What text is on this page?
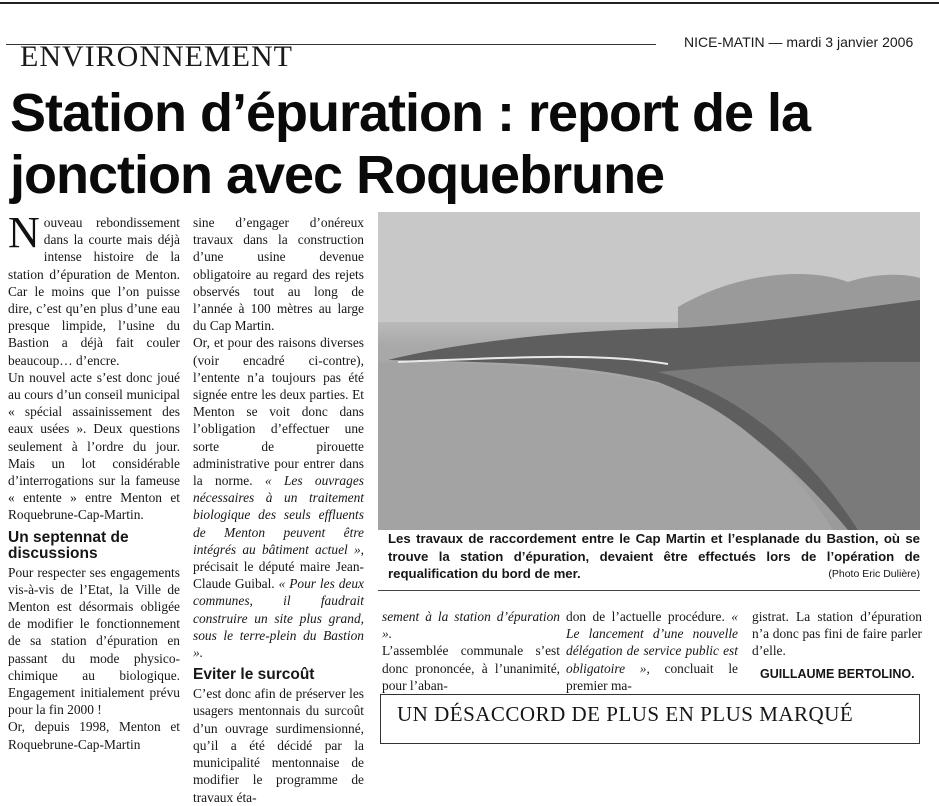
ENVIRONNEMENT	NICE-MATIN — mardi 3 janvier 2006
Station d’épuration : report de la jonction avec Roquebrune

Nouveau rebondissement dans la courte mais déjà intense histoire de la station d’épuration de Menton. Car le moins que l’on puisse dire, c’est qu’en plus d’une eau presque limpide, l’usine du Bastion a déjà fait couler beaucoup… d’encre.

Un nouvel acte s’est donc joué au cours d’un conseil municipal « spécial assainissement des eaux usées ». Deux questions seulement à l’ordre du jour. Mais un lot considérable d’interrogations sur la fameuse « entente » entre Menton et Roquebrune-Cap-Martin.

Un septennat de discussions

Pour respecter ses engagements vis-à-vis de l’Etat, la Ville de Menton est désormais obligée de modifier le fonctionnement de sa station d’épuration en passant du mode physico-chimique au biologique. Engagement initialement prévu pour la fin 2000 !

Or, depuis 1998, Menton et Roquebrune-Cap-Martin

sine d’engager d’onéreux travaux dans la construction d’une usine devenue obligatoire au regard des rejets observés tout au long de l’année à 100 mètres au large du Cap Martin.

Or, et pour des raisons diverses (voir encadré ci-contre), l’entente n’a toujours pas été signée entre les deux parties. Et Menton se voit donc dans l’obligation d’effectuer une sorte de pirouette administrative pour entrer dans la norme. « Les ouvrages nécessaires à un traitement biologique des seuls effluents de Menton peuvent être intégrés au bâtiment actuel », précisait le député maire Jean-Claude Guibal. « Pour les deux communes, il faudrait construire un site plus grand, sous le terre-plein du Bastion ».

Eviter le surcoût

C’est donc afin de préserver les usagers mentonnais du surcoût d’un ouvrage surdimensionné, qu’il a été décidé par la municipalité mentonnaise de modifier le programme de travaux éta-

Les travaux de raccordement entre le Cap Martin et l’esplanade du Bastion, où se trouve la station d’épuration, devaient être effectués lors de l’opération de requalification du bord de mer.	(Photo Eric Dulière)

sement à la station d’épuration ».

L’assemblée communale s’est donc prononcée, à l’unanimité, pour l’aban-

don de l’actuelle procédure. « Le lancement d’une nouvelle délégation de service public est obligatoire », concluait le premier ma-

gistrat. La station d’épuration n’a donc pas fini de faire parler d’elle.

GUILLAUME BERTOLINO.
UN DÉSACCORD DE PLUS EN PLUS MARQUÉ
